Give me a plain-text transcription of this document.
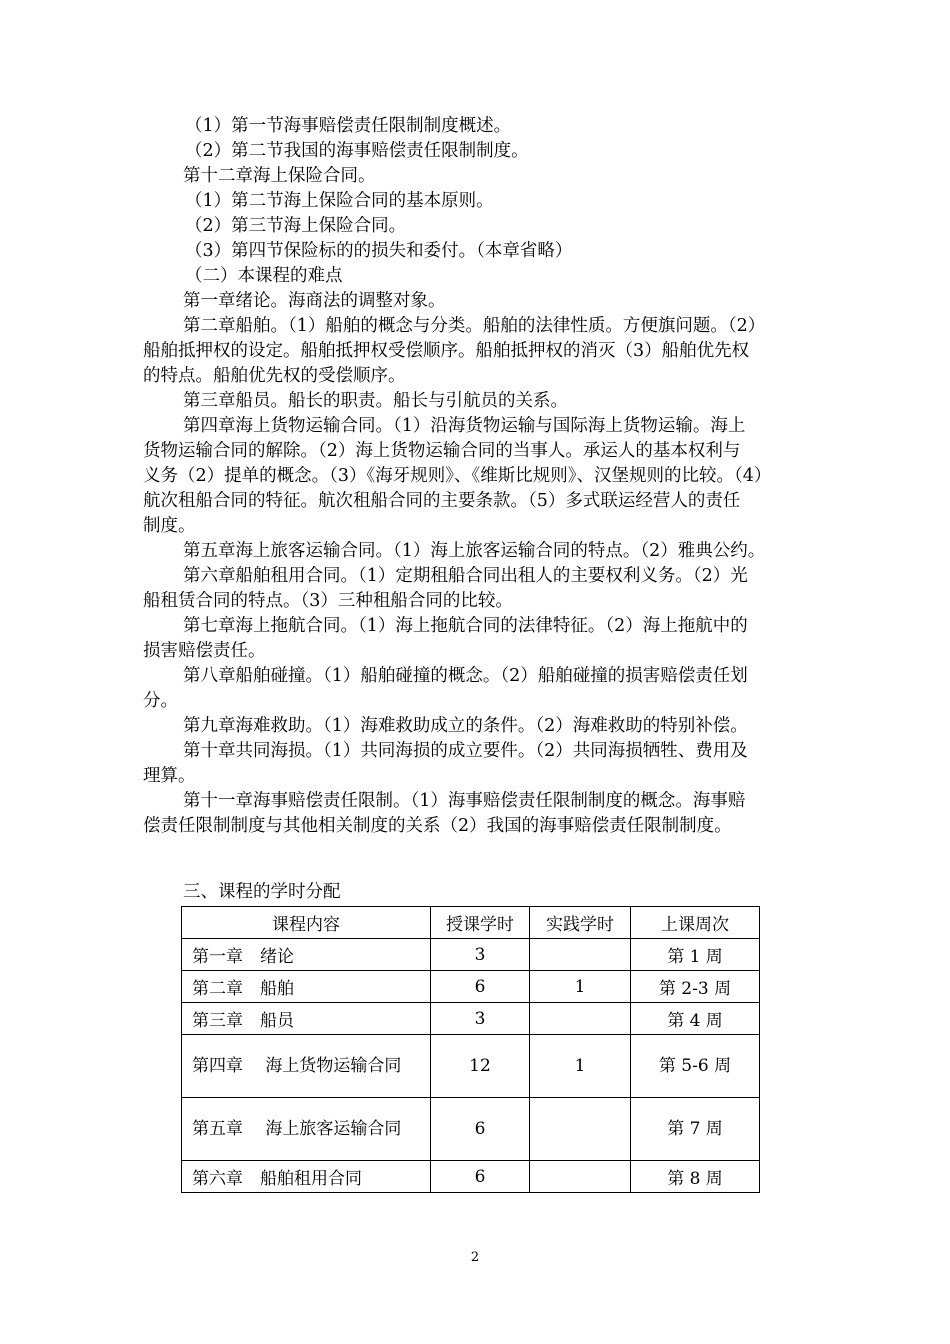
（1）第一节海事赔偿责任限制制度概述。
（2）第二节我国的海事赔偿责任限制制度。
第十二章海上保险合同。
（1）第二节海上保险合同的基本原则。
（2）第三节海上保险合同。
（3）第四节保险标的的损失和委付。（本章省略）
（二）本课程的难点
第一章绪论。海商法的调整对象。
第二章船舶。（1）船舶的概念与分类。船舶的法律性质。方便旗问题。（2）
船舶抵押权的设定。船舶抵押权受偿顺序。船舶抵押权的消灭（3）船舶优先权
的特点。船舶优先权的受偿顺序。
第三章船员。船长的职责。船长与引航员的关系。
第四章海上货物运输合同。（1）沿海货物运输与国际海上货物运输。海上
货物运输合同的解除。（2）海上货物运输合同的当事人。承运人的基本权利与
义务（2）提单的概念。（3）《海牙规则》、《维斯比规则》、汉堡规则的比较。（4）
航次租船合同的特征。航次租船合同的主要条款。（5）多式联运经营人的责任
制度。
第五章海上旅客运输合同。（1）海上旅客运输合同的特点。（2）雅典公约。
第六章船舶租用合同。（1）定期租船合同出租人的主要权利义务。（2）光
船租赁合同的特点。（3）三种租船合同的比较。
第七章海上拖航合同。（1）海上拖航合同的法律特征。（2）海上拖航中的
损害赔偿责任。
第八章船舶碰撞。（1）船舶碰撞的概念。（2）船舶碰撞的损害赔偿责任划
分。
第九章海难救助。（1）海难救助成立的条件。（2）海难救助的特别补偿。
第十章共同海损。（1）共同海损的成立要件。（2）共同海损牺牲、费用及
理算。
第十一章海事赔偿责任限制。（1）海事赔偿责任限制制度的概念。海事赔
偿责任限制制度与其他相关制度的关系（2）我国的海事赔偿责任限制制度。
三、课程的学时分配
课程内容	授课学时	实践学时	上课周次
第一章　绪论	3		第 1 周
第二章　船舶	6	1	第 2-3 周
第三章　船员	3		第 4 周
第四章　 海上货物运输合同	12	1	第 5-6 周
第五章　 海上旅客运输合同	6		第 7 周
第六章　船舶租用合同	6		第 8 周
2
